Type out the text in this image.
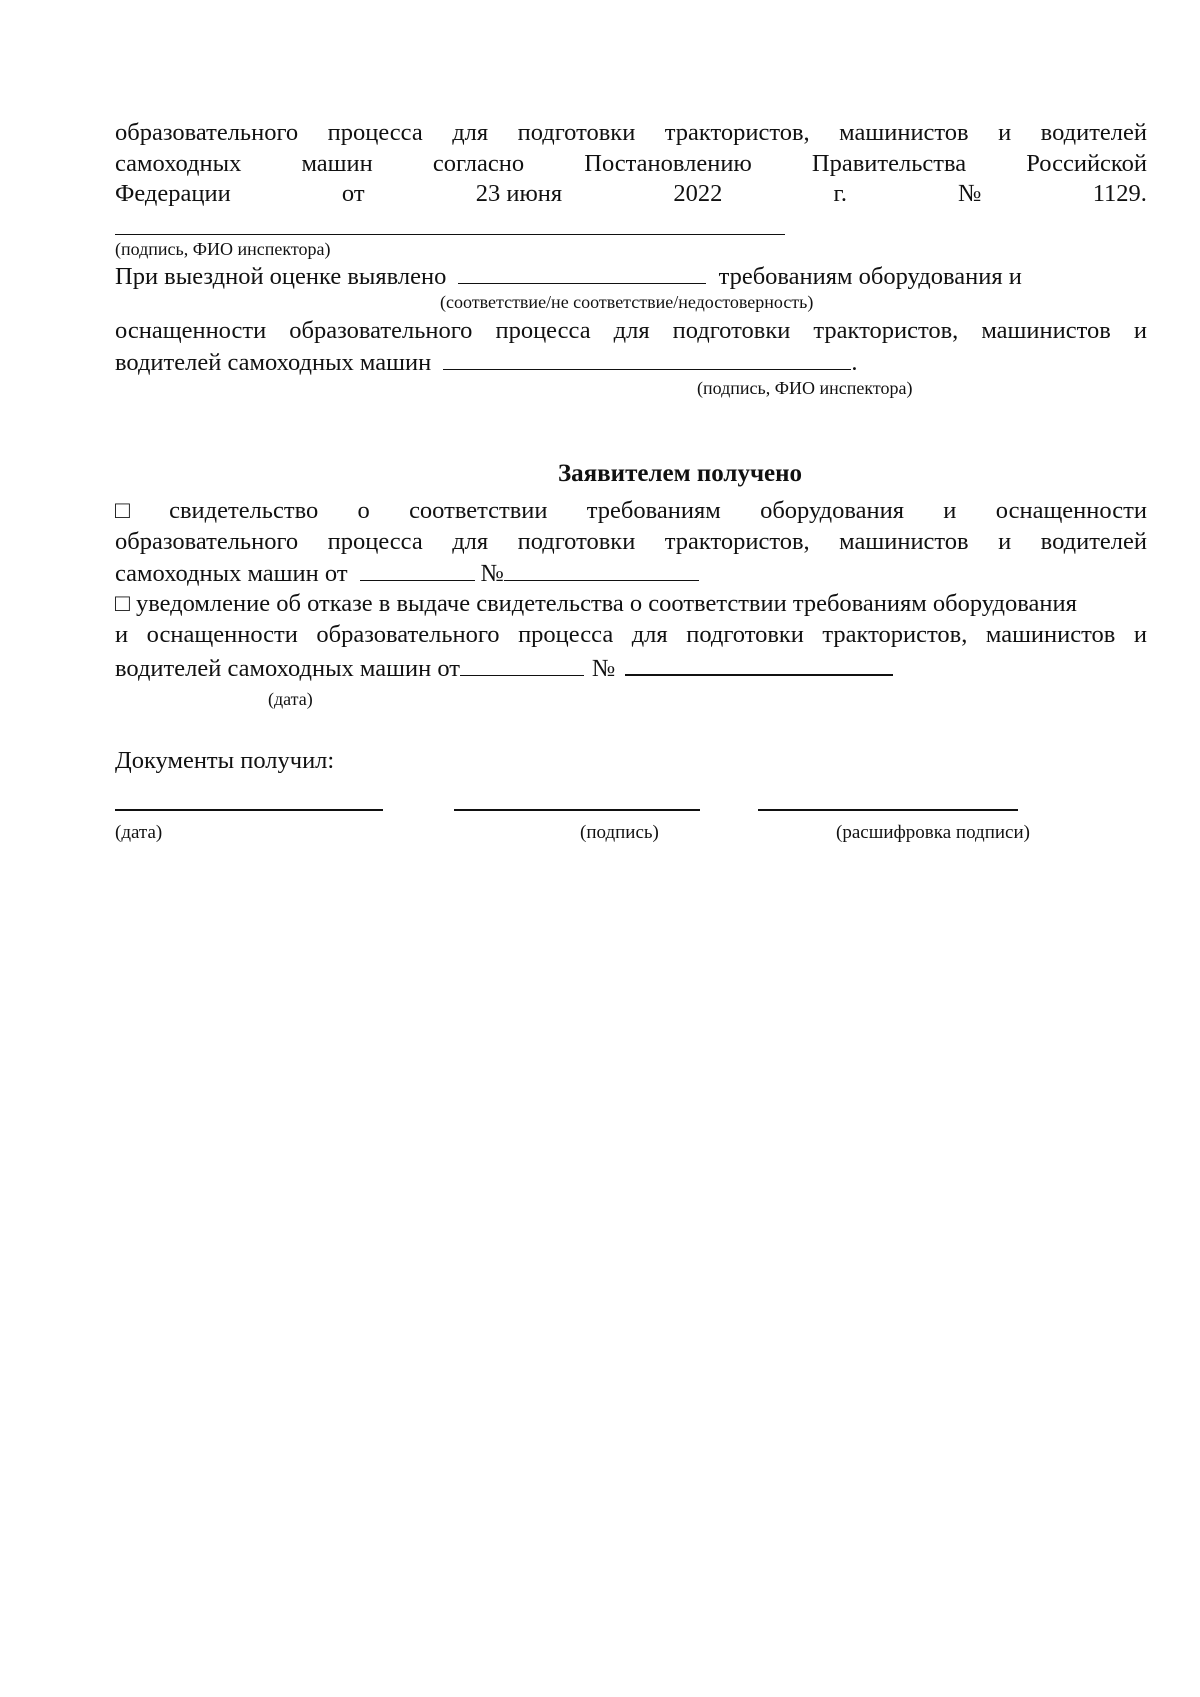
образовательного процесса для подготовки трактористов, машинистов и водителей
самоходных машин согласно Постановлению Правительства Российской
Федерации	от	23 июня	2022	г.	№	1129.
(подпись, ФИО инспектора)
При выездной оценке выявлено	требованиям оборудования и
(соответствие/не соответствие/недостоверность)
оснащенности образовательного процесса для подготовки трактористов, машинистов и
водителей самоходных машин	.
(подпись, ФИО инспектора)
Заявителем получено
□ свидетельство о соответствии требованиям оборудования и оснащенности
образовательного процесса для подготовки трактористов, машинистов и водителей
самоходных машин от	№
□ уведомление об отказе в выдаче свидетельства о соответствии требованиям оборудования
и оснащенности образовательного процесса для подготовки трактористов, машинистов и
водителей самоходных машин от	№
(дата)
Документы получил:
(дата)	(подпись)	(расшифровка подписи)
